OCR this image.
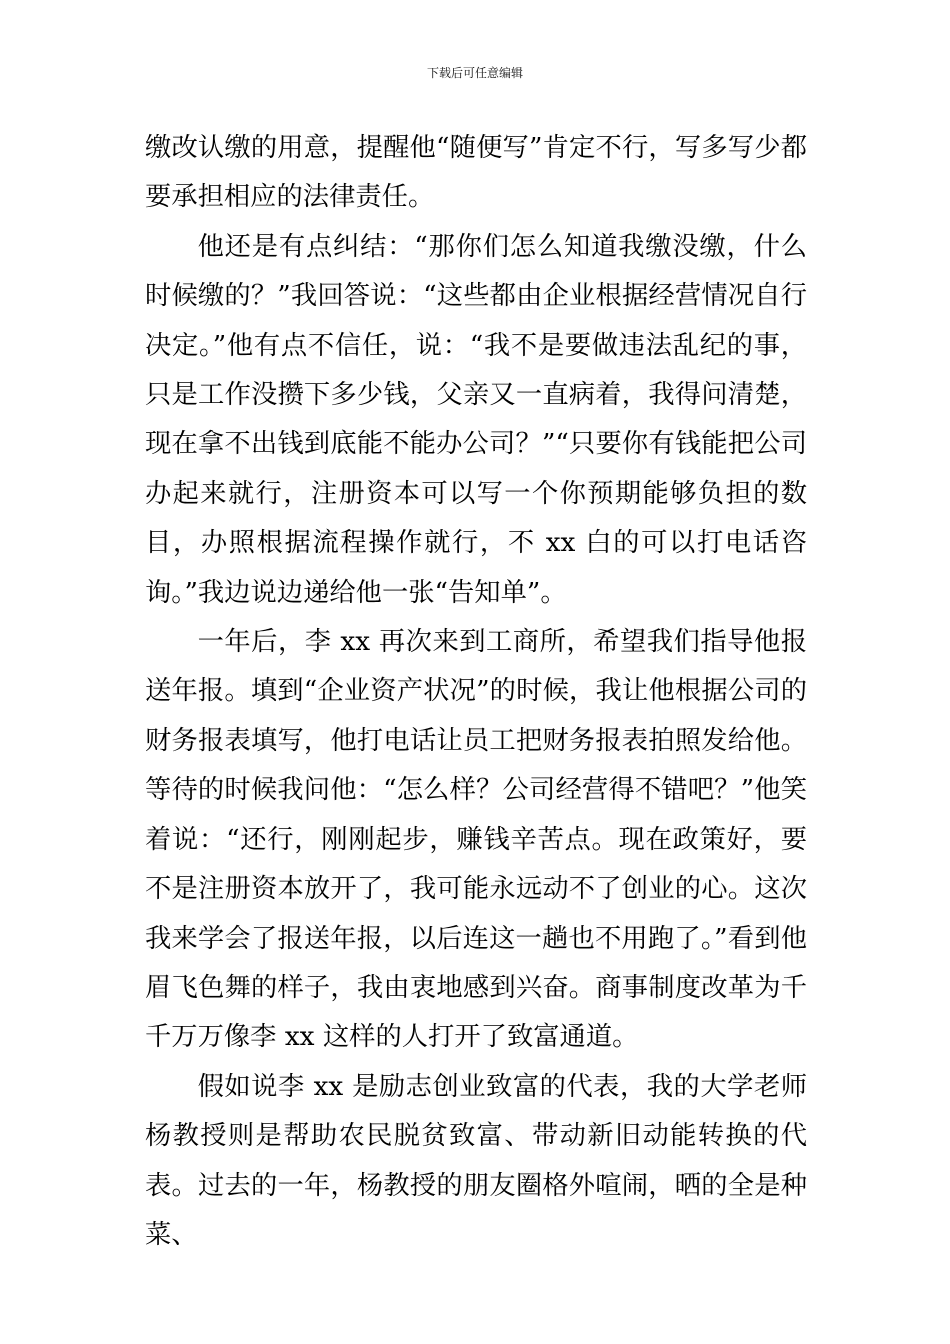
下载后可任意编辑

缴改认缴的用意，提醒他“随便写”肯定不行，写多写少都要承担相应的法律责任。

他还是有点纠结：“那你们怎么知道我缴没缴，什么时候缴的？”我回答说：“这些都由企业根据经营情况自行决定。”他有点不信任，说：“我不是要做违法乱纪的事，只是工作没攒下多少钱，父亲又一直病着，我得问清楚，现在拿不出钱到底能不能办公司？”“只要你有钱能把公司办起来就行，注册资本可以写一个你预期能够负担的数目，办照根据流程操作就行，不 xx 白的可以打电话咨询。”我边说边递给他一张“告知单”。

一年后，李 xx 再次来到工商所，希望我们指导他报送年报。填到“企业资产状况”的时候，我让他根据公司的财务报表填写，他打电话让员工把财务报表拍照发给他。等待的时候我问他：“怎么样？公司经营得不错吧？”他笑着说：“还行，刚刚起步，赚钱辛苦点。现在政策好，要不是注册资本放开了，我可能永远动不了创业的心。这次我来学会了报送年报，以后连这一趟也不用跑了。”看到他眉飞色舞的样子，我由衷地感到兴奋。商事制度改革为千千万万像李 xx 这样的人打开了致富通道。

假如说李 xx 是励志创业致富的代表，我的大学老师杨教授则是帮助农民脱贫致富、带动新旧动能转换的代表。过去的一年，杨教授的朋友圈格外喧闹，晒的全是种菜、
